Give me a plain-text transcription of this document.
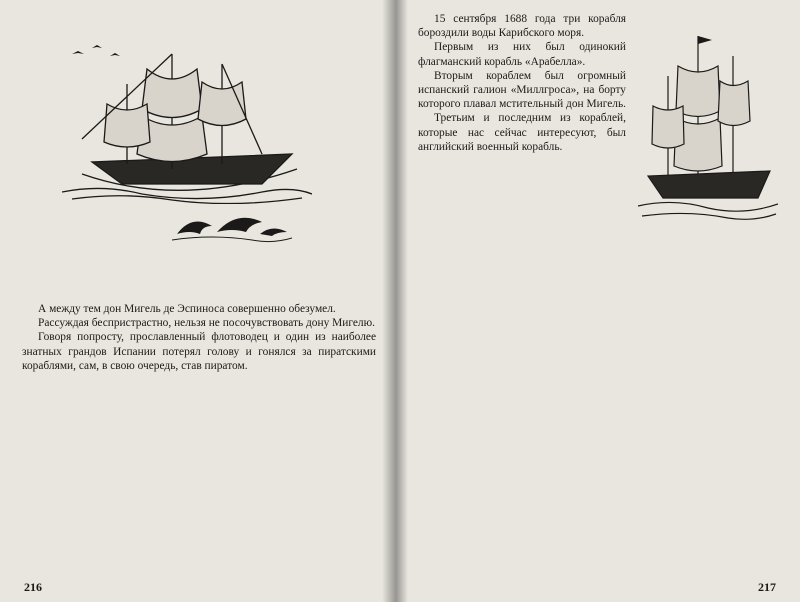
А между тем дон Мигель де Эспиноса совершенно обезумел.

Рассуждая беспристрастно, нельзя не посочувствовать дону Мигелю.

Говоря попросту, прославленный флотоводец и один из наиболее знатных грандов Испании потерял голову и гонялся за пиратскими кораблями, сам, в свою очередь, став пиратом.

216

15 сентября 1688 года три корабля бороздили воды Карибского моря.

Первым из них был одинокий флагманский корабль «Арабелла».

Вторым кораблем был огромный испанский галион «Миллгроса», на борту которого плавал мстительный дон Мигель.

Третьим и последним из кораблей, которые нас сейчас интересуют, был английский военный корабль.

217
